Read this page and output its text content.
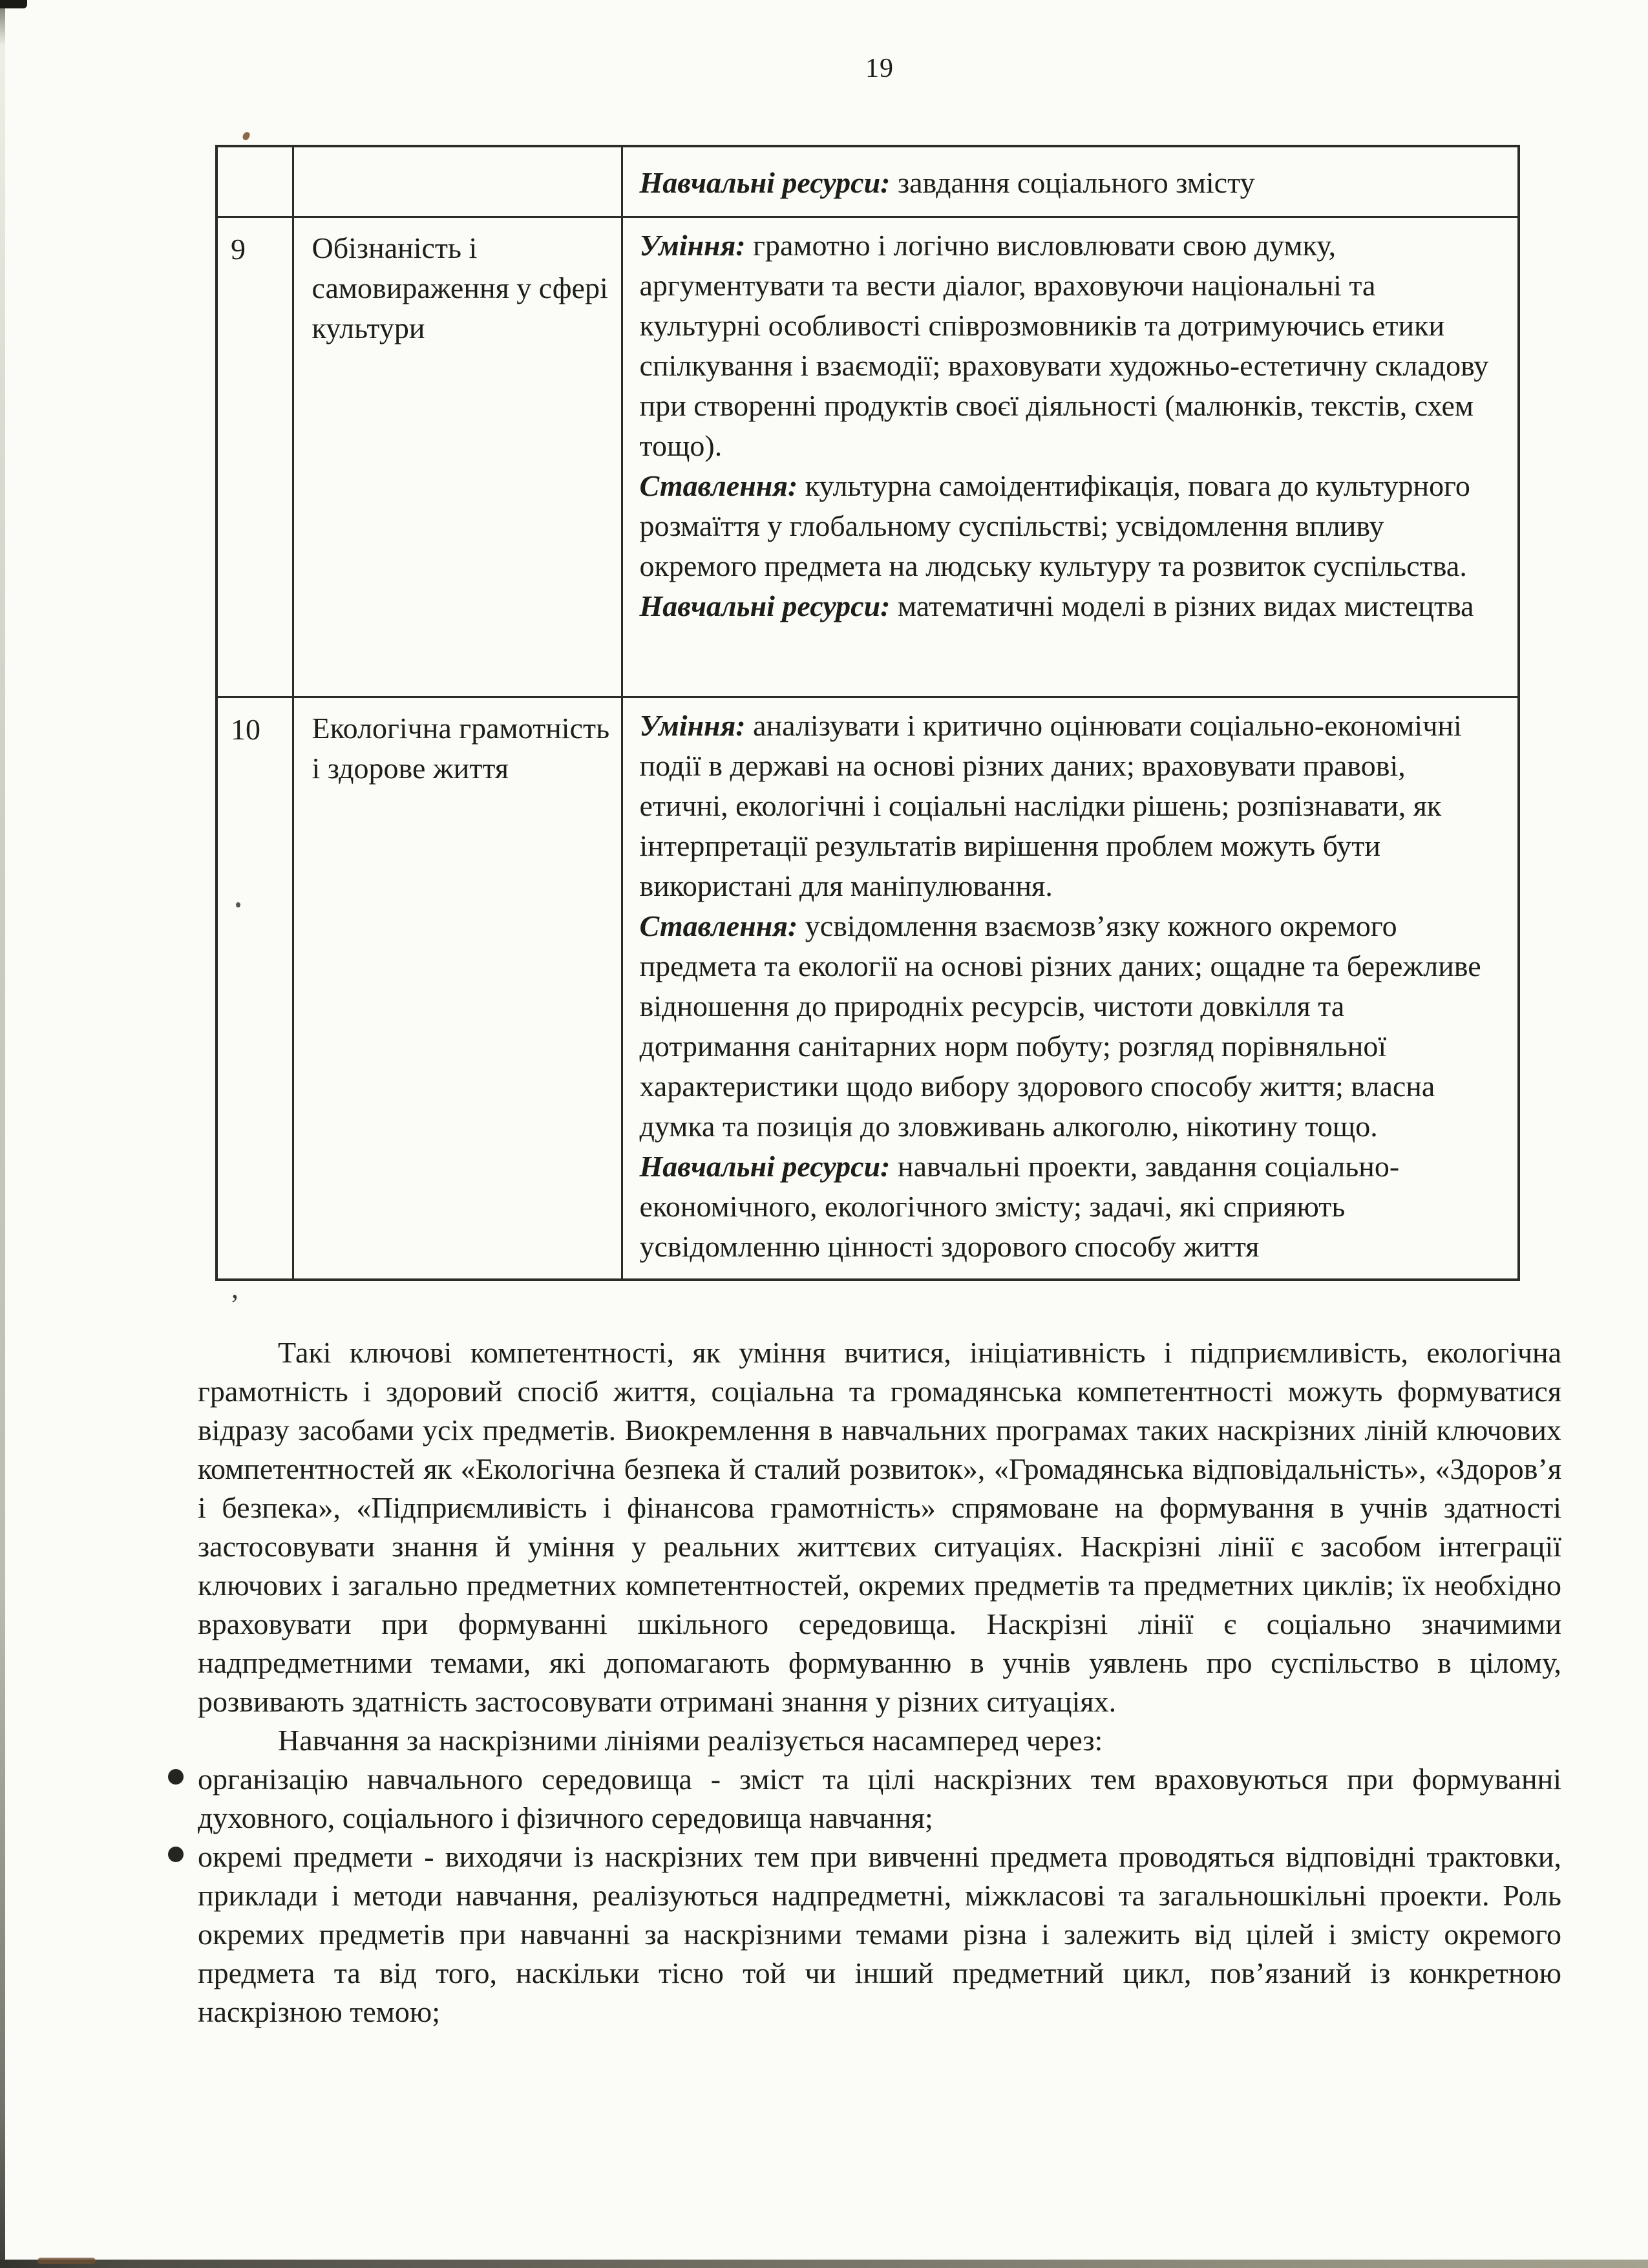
,
19

		Навчальні ресурси: завдання соціального змісту

9	Обізнаність і самовираження у сфері культури	Уміння: грамотно і логічно висловлювати свою думку, аргументувати та вести діалог, враховуючи національні та культурні особливості співрозмовників та дотримуючись етики спілкування і взаємодії; враховувати художньо-естетичну складову при створенні продуктів своєї діяльності (малюнків, текстів, схем тощо).

Ставлення: культурна самоідентифікація, повага до культурного розмаїття у глобальному суспільстві; усвідомлення впливу окремого предмета на людську культуру та розвиток суспільства.

Навчальні ресурси: математичні моделі в різних видах мистецтва

10	Екологічна грамотність і здорове життя	Уміння: аналізувати і критично оцінювати соціально-економічні події в державі на основі різних даних; враховувати правові, етичні, екологічні і соціальні наслідки рішень; розпізнавати, як інтерпретації результатів вирішення проблем можуть бути використані для маніпулювання.

Ставлення: усвідомлення взаємозв’язку кожного окремого предмета та екології на основі різних даних; ощадне та бережливе відношення до природніх ресурсів, чистоти довкілля та дотримання санітарних норм побуту; розгляд порівняльної характеристики щодо вибору здорового способу життя; власна думка та позиція до зловживань алкоголю, нікотину тощо.

Навчальні ресурси: навчальні проекти, завдання соціально-економічного, екологічного змісту; задачі, які сприяють усвідомленню цінності здорового способу життя

Такі ключові компетентності, як уміння вчитися, ініціативність і підприємливість, екологічна грамотність і здоровий спосіб життя, соціальна та громадянська компетентності можуть формуватися відразу засобами усіх предметів. Виокремлення в навчальних програмах таких наскрізних ліній ключових компетентностей як «Екологічна безпека й сталий розвиток», «Громадянська відповідальність», «Здоров’я і безпека», «Підприємливість і фінансова грамотність» спрямоване на формування в учнів здатності застосовувати знання й уміння у реальних життєвих ситуаціях. Наскрізні лінії є засобом інтеграції ключових і загально предметних компетентностей, окремих предметів та предметних циклів; їх необхідно враховувати при формуванні шкільного середовища. Наскрізні лінії є соціально значимими надпредметними темами, які допомагають формуванню в учнів уявлень про суспільство в цілому, розвивають здатність застосовувати отримані знання у різних ситуаціях.

Навчання за наскрізними лініями реалізується насамперед через:

організацію навчального середовища - зміст та цілі наскрізних тем враховуються при формуванні духовного, соціального і фізичного середовища навчання;
окремі предмети - виходячи із наскрізних тем при вивченні предмета проводяться відповідні трактовки, приклади і методи навчання, реалізуються надпредметні, міжкласові та загальношкільні проекти. Роль окремих предметів при навчанні за наскрізними темами різна і залежить від цілей і змісту окремого предмета та від того, наскільки тісно той чи інший предметний цикл, пов’язаний із конкретною наскрізною темою;
